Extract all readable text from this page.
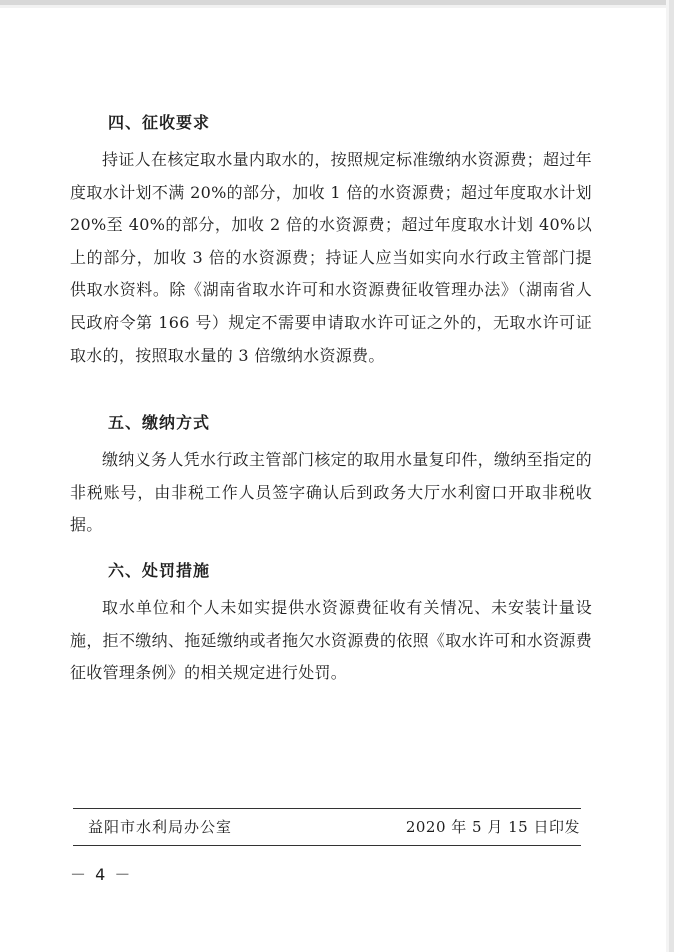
四、征收要求

持证人在核定取水量内取水的，按照规定标准缴纳水资源费；超过年度取水计划不满 20%的部分，加收 1 倍的水资源费；超过年度取水计划 20%至 40%的部分，加收 2 倍的水资源费；超过年度取水计划 40%以上的部分，加收 3 倍的水资源费；持证人应当如实向水行政主管部门提供取水资料。除《湖南省取水许可和水资源费征收管理办法》（湖南省人民政府令第 166 号）规定不需要申请取水许可证之外的，无取水许可证取水的，按照取水量的 3 倍缴纳水资源费。

五、缴纳方式

缴纳义务人凭水行政主管部门核定的取用水量复印件，缴纳至指定的非税账号，由非税工作人员签字确认后到政务大厅水利窗口开取非税收据。

六、处罚措施

取水单位和个人未如实提供水资源费征收有关情况、未安装计量设施，拒不缴纳、拖延缴纳或者拖欠水资源费的依照《取水许可和水资源费征收管理条例》的相关规定进行处罚。

益阳市水利局办公室	2020 年 5 月 15 日印发
－ 4 －
